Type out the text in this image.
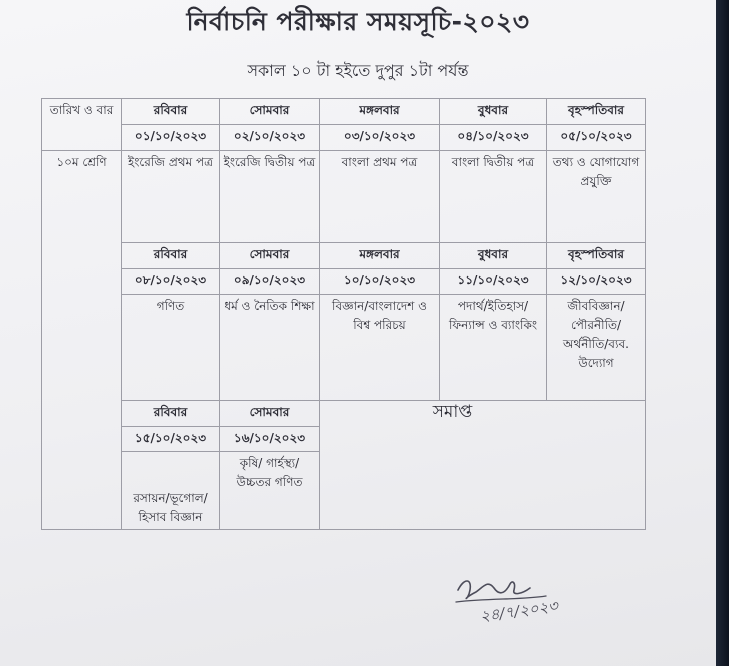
নির্বাচনি পরীক্ষার সময়সূচি-২০২৩
সকাল ১০ টা হইতে দুপুর ১টা পর্যন্ত
তারিখ ও বার	রবিবার	সোমবার	মঙ্গলবার	বুধবার	বৃহস্পতিবার
	০১/১০/২০২৩	০২/১০/২০২৩	০৩/১০/২০২৩	০৪/১০/২০২৩	০৫/১০/২০২৩
১০ম শ্রেণি	ইংরেজি প্রথম পত্র	ইংরেজি দ্বিতীয় পত্র	বাংলা প্রথম পত্র	বাংলা দ্বিতীয় পত্র	তথ্য ও যোগাযোগ প্রযুক্তি
	রবিবার	সোমবার	মঙ্গলবার	বুধবার	বৃহস্পতিবার
	০৮/১০/২০২৩	০৯/১০/২০২৩	১০/১০/২০২৩	১১/১০/২০২৩	১২/১০/২০২৩
	গণিত	ধর্ম ও নৈতিক শিক্ষা	বিজ্ঞান/বাংলাদেশ ও বিশ্ব পরিচয়	পদার্থ/ইতিহাস/ফিন্যান্স ও ব্যাংকিং	জীববিজ্ঞান/পৌরনীতি/অর্থনীতি/ব্যব. উদ্যোগ
	রবিবার	সোমবার	সমাপ্ত		
	১৫/১০/২০২৩	১৬/১০/২০২৩			
	রসায়ন/ভূগোল/হিসাব বিজ্ঞান	কৃষি/ গার্হস্থ্য/ উচ্চতর গণিত			
২৪/৭/২০২৩
